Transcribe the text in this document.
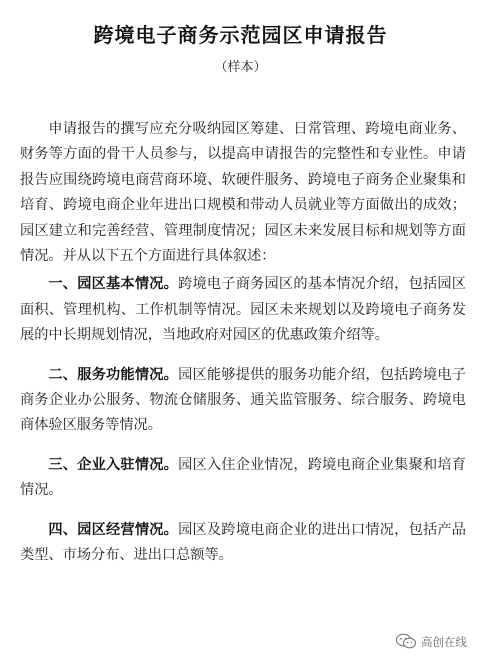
跨境电子商务示范园区申请报告
（样本）

申请报告的撰写应充分吸纳园区筹建、日常管理、跨境电商业务、财务等方面的骨干人员参与，以提高申请报告的完整性和专业性。申请报告应围绕跨境电商营商环境、软硬件服务、跨境电子商务企业聚集和培育、跨境电商企业年进出口规模和带动人员就业等方面做出的成效；园区建立和完善经营、管理制度情况；园区未来发展目标和规划等方面情况。并从以下五个方面进行具体叙述：

一、园区基本情况。跨境电子商务园区的基本情况介绍，包括园区面积、管理机构、工作机制等情况。园区未来规划以及跨境电子商务发展的中长期规划情况，当地政府对园区的优惠政策介绍等。

二、服务功能情况。园区能够提供的服务功能介绍，包括跨境电子商务企业办公服务、物流仓储服务、通关监管服务、综合服务、跨境电商体验区服务等情况。

三、企业入驻情况。园区入住企业情况，跨境电商企业集聚和培育情况。

四、园区经营情况。园区及跨境电商企业的进出口情况，包括产品类型、市场分布、进出口总额等。

高创在线
